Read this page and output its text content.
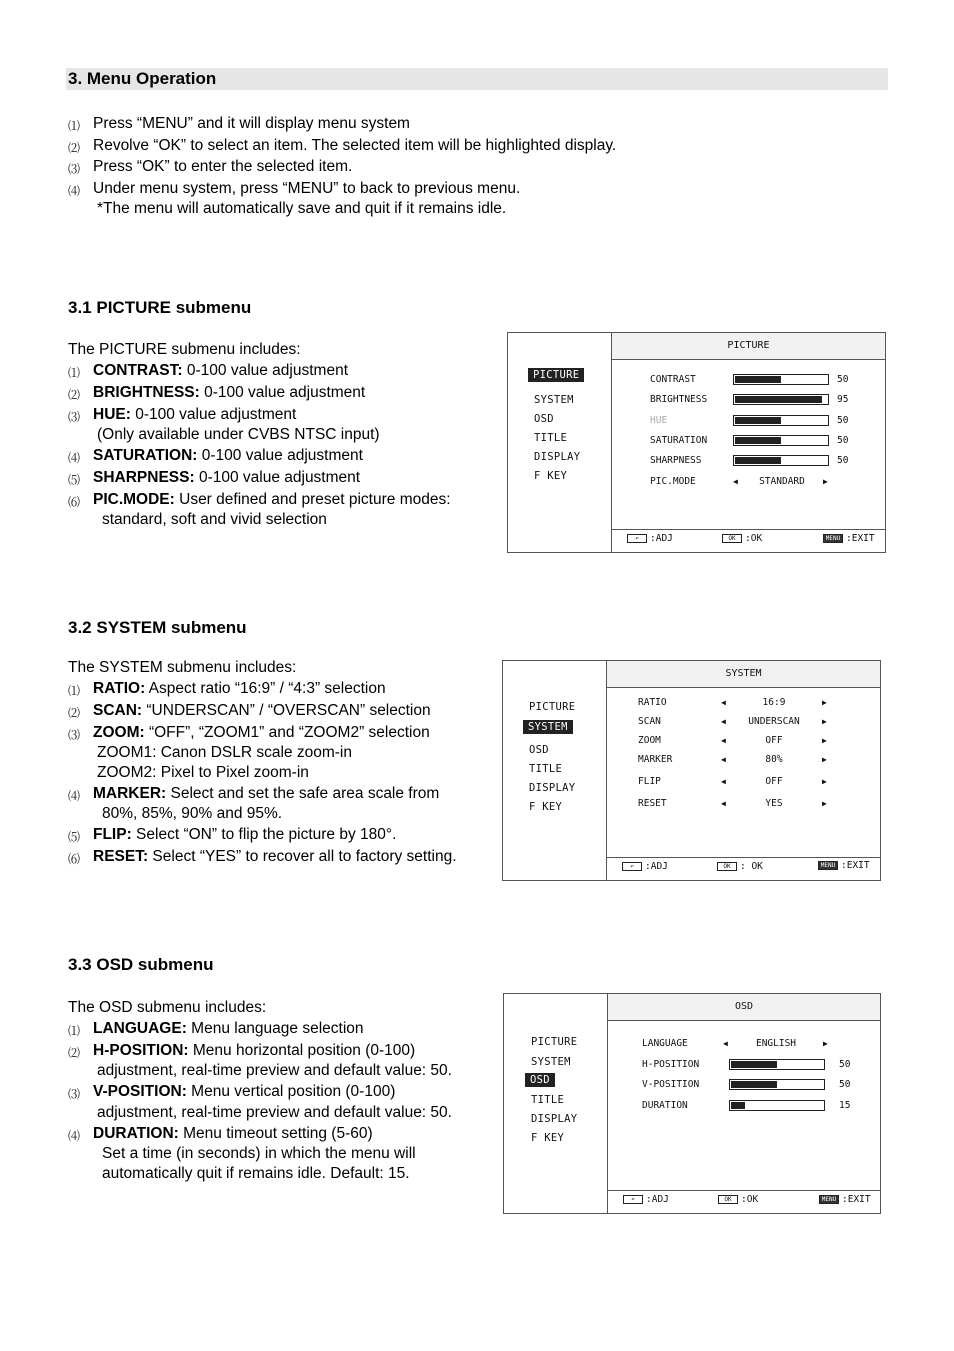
3. Menu Operation
⑴ Press “MENU” and it will display menu system
⑵ Revolve “OK” to select an item. The selected item will be highlighted display.
⑶ Press “OK” to enter the selected item.
⑷ Under menu system, press “MENU” to back to previous menu.
*The menu will automatically save and quit if it remains idle.
3.1 PICTURE submenu
The PICTURE submenu includes:
⑴ CONTRAST: 0-100 value adjustment
⑵ BRIGHTNESS: 0-100 value adjustment
⑶ HUE: 0-100 value adjustment
(Only available under CVBS NTSC input)
⑷ SATURATION: 0-100 value adjustment
⑸ SHARPNESS: 0-100 value adjustment
⑹ PIC.MODE: User defined and preset picture modes:
standard, soft and vivid selection
PICTURE
PICTURE
SYSTEM
OSD
TITLE
DISPLAY
F KEY
CONTRAST	50
BRIGHTNESS	95
HUE	50
SATURATION	50
SHARPNESS	50
PIC.MODE	◀	STANDARD	▶
↶ :ADJ	OK :OK	MENU :EXIT
3.2 SYSTEM submenu
The SYSTEM submenu includes:
⑴ RATIO: Aspect ratio “16:9” / “4:3” selection
⑵ SCAN: “UNDERSCAN” / “OVERSCAN” selection
⑶ ZOOM: “OFF”, “ZOOM1” and “ZOOM2” selection
ZOOM1: Canon DSLR scale zoom-in
ZOOM2: Pixel to Pixel zoom-in
⑷ MARKER: Select and set the safe area scale from
80%, 85%, 90% and 95%.
⑸ FLIP: Select “ON” to flip the picture by 180°.
⑹ RESET: Select “YES” to recover all to factory setting.
SYSTEM
PICTURE
SYSTEM
OSD
TITLE
DISPLAY
F KEY
RATIO	◀	16:9	▶
SCAN	◀	UNDERSCAN	▶
ZOOM	◀	OFF	▶
MARKER	◀	80%	▶
FLIP	◀	OFF	▶
RESET	◀	YES	▶
↶ :ADJ	OK : OK	MENU :EXIT
3.3 OSD submenu
The OSD submenu includes:
⑴ LANGUAGE: Menu language selection
⑵ H-POSITION: Menu horizontal position (0-100)
adjustment, real-time preview and default value: 50.
⑶ V-POSITION: Menu vertical position (0-100)
adjustment, real-time preview and default value: 50.
⑷ DURATION: Menu timeout setting (5-60)
Set a time (in seconds) in which the menu will
automatically quit if remains idle. Default: 15.
OSD
PICTURE
SYSTEM
OSD
TITLE
DISPLAY
F KEY
LANGUAGE	◀	ENGLISH	▶
H-POSITION	50
V-POSITION	50
DURATION	15
↶ :ADJ	OK :OK	MENU :EXIT
